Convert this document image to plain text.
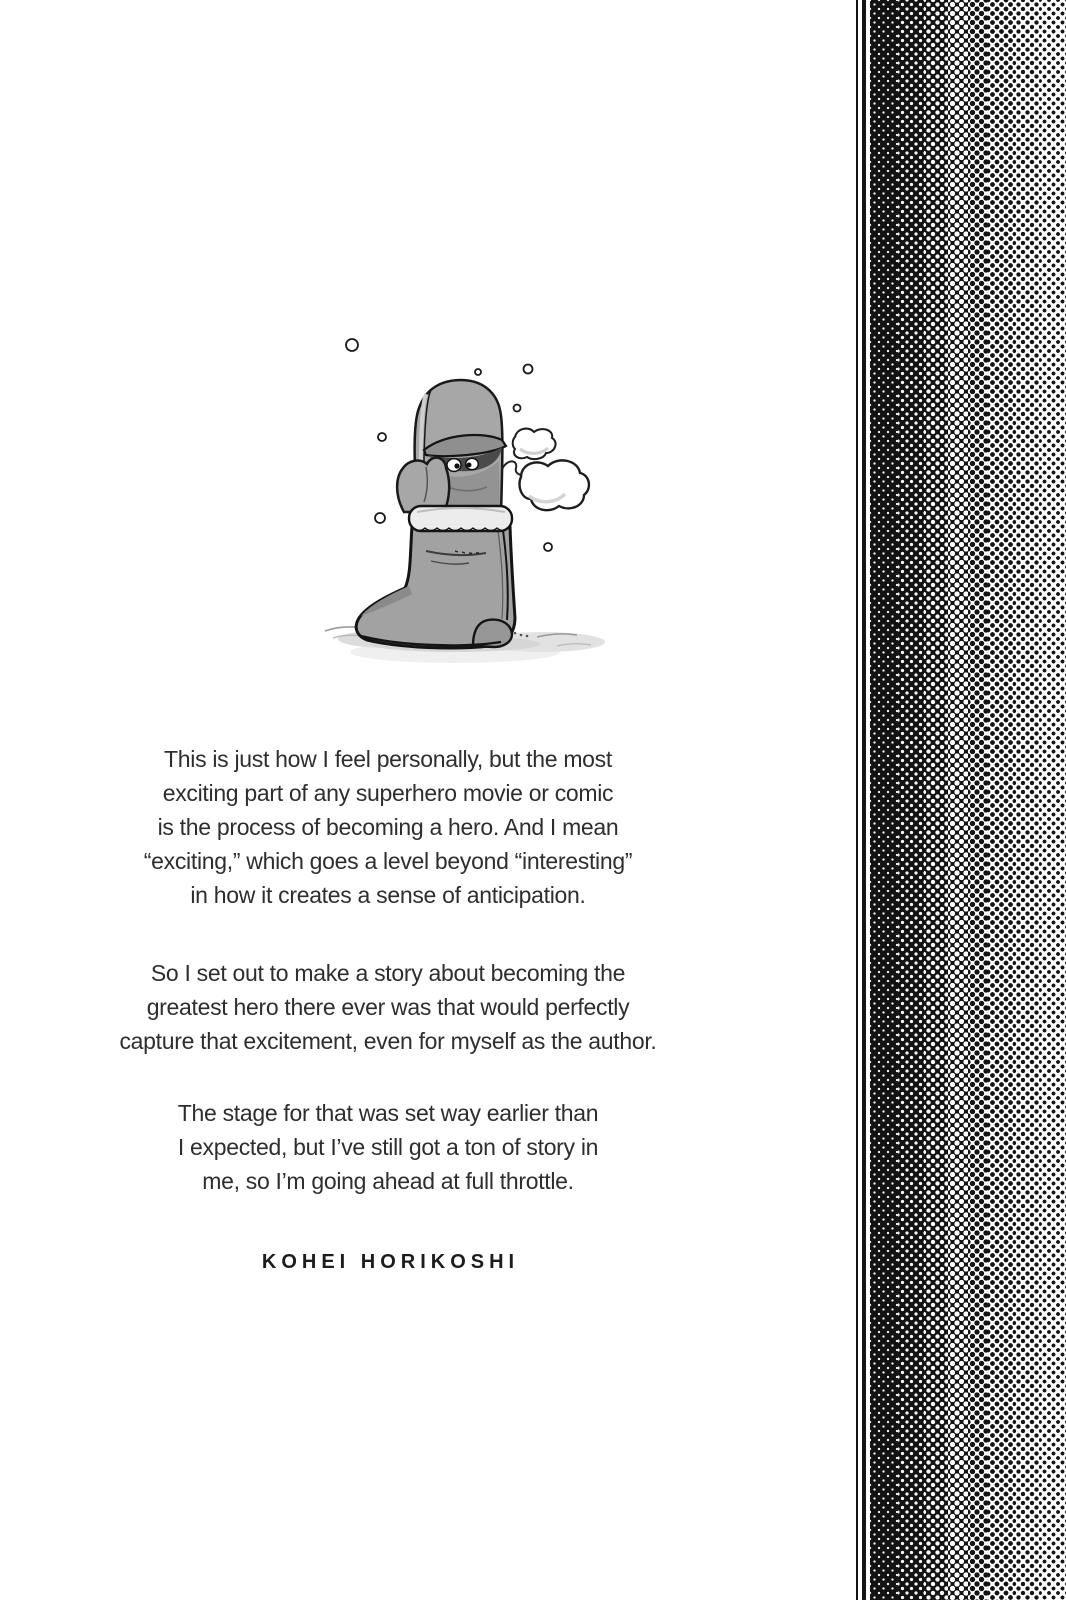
This is just how I feel personally, but the most
exciting part of any superhero movie or comic
is the process of becoming a hero. And I mean
“exciting,” which goes a level beyond “interesting”
in how it creates a sense of anticipation.

So I set out to make a story about becoming the
greatest hero there ever was that would perfectly
capture that excitement, even for myself as the author.

The stage for that was set way earlier than
I expected, but I’ve still got a ton of story in
me, so I’m going ahead at full throttle.

KOHEI HORIKOSHI
